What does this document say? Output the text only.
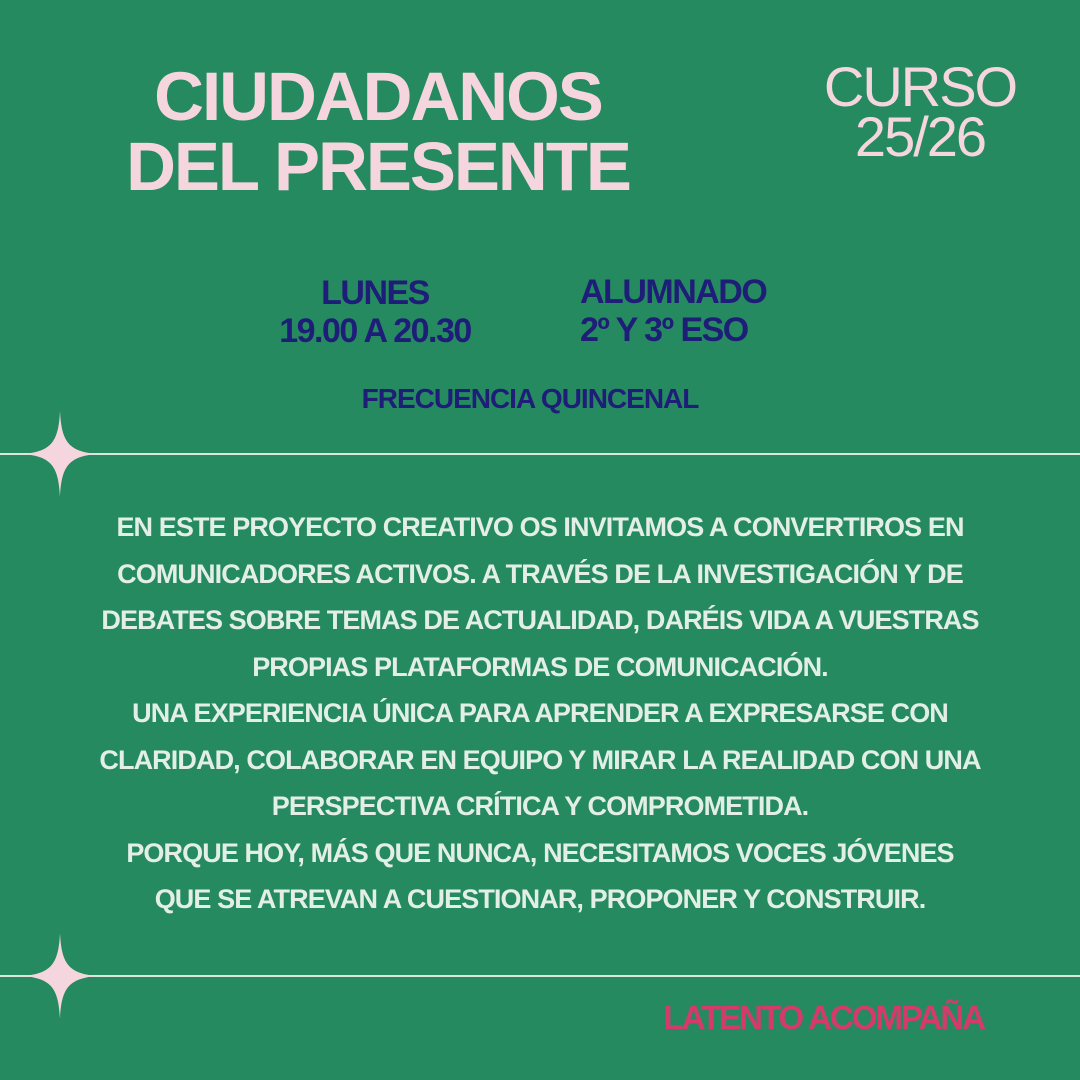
CIUDADANOS
DEL PRESENTE
CURSO
25/26
LUNES
19.00 A 20.30
ALUMNADO
2º Y 3º ESO
FRECUENCIA QUINCENAL
EN ESTE PROYECTO CREATIVO OS INVITAMOS A CONVERTIROS EN
COMUNICADORES ACTIVOS. A TRAVÉS DE LA INVESTIGACIÓN Y DE
DEBATES SOBRE TEMAS DE ACTUALIDAD, DARÉIS VIDA A VUESTRAS
PROPIAS PLATAFORMAS DE COMUNICACIÓN.
UNA EXPERIENCIA ÚNICA PARA APRENDER A EXPRESARSE CON
CLARIDAD, COLABORAR EN EQUIPO Y MIRAR LA REALIDAD CON UNA
PERSPECTIVA CRÍTICA Y COMPROMETIDA.
PORQUE HOY, MÁS QUE NUNCA, NECESITAMOS VOCES JÓVENES
QUE SE ATREVAN A CUESTIONAR, PROPONER Y CONSTRUIR.
LATENTO ACOMPAÑA
